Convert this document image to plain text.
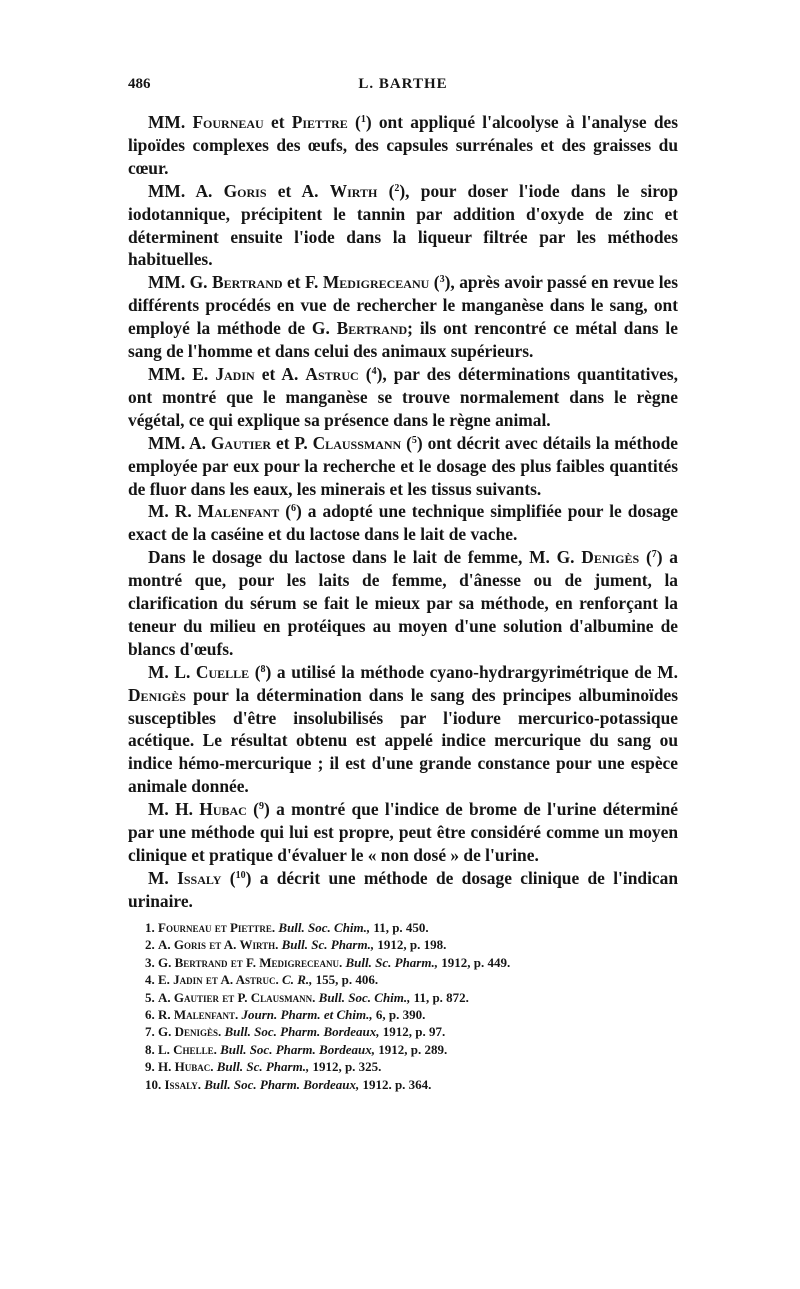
486	L. BARTHE

MM. Fourneau et Piettre ($^1$) ont appliqué l'alcoolyse à l'analyse des lipoïdes complexes des œufs, des capsules surrénales et des graisses du cœur.

MM. A. Goris et A. Wirth ($^2$), pour doser l'iode dans le sirop iodotannique, précipitent le tannin par addition d'oxyde de zinc et déterminent ensuite l'iode dans la liqueur filtrée par les méthodes habituelles.

MM. G. Bertrand et F. Medigreceanu ($^3$), après avoir passé en revue les différents procédés en vue de rechercher le manganèse dans le sang, ont employé la méthode de G. Bertrand; ils ont rencontré ce métal dans le sang de l'homme et dans celui des animaux supérieurs.

MM. E. Jadin et A. Astruc ($^4$), par des déterminations quantitatives, ont montré que le manganèse se trouve normalement dans le règne végétal, ce qui explique sa présence dans le règne animal.

MM. A. Gautier et P. Claussmann ($^5$) ont décrit avec détails la méthode employée par eux pour la recherche et le dosage des plus faibles quantités de fluor dans les eaux, les minerais et les tissus suivants.

M. R. Malenfant ($^6$) a adopté une technique simplifiée pour le dosage exact de la caséine et du lactose dans le lait de vache.

Dans le dosage du lactose dans le lait de femme, M. G. Denigès ($^7$) a montré que, pour les laits de femme, d'ânesse ou de jument, la clarification du sérum se fait le mieux par sa méthode, en renforçant la teneur du milieu en protéiques au moyen d'une solution d'albumine de blancs d'œufs.

M. L. Cuelle ($^8$) a utilisé la méthode cyano-hydrargyrimétrique de M. Denigès pour la détermination dans le sang des principes albuminoïdes susceptibles d'être insolubilisés par l'iodure mercurico-potassique acétique. Le résultat obtenu est appelé indice mercurique du sang ou indice hémo-mercurique ; il est d'une grande constance pour une espèce animale donnée.

M. H. Hubac ($^9$) a montré que l'indice de brome de l'urine déterminé par une méthode qui lui est propre, peut être considéré comme un moyen clinique et pratique d'évaluer le « non dosé » de l'urine.

M. Issaly ($^{10}$) a décrit une méthode de dosage clinique de l'indican urinaire.

1. Fourneau et Piettre. Bull. Soc. Chim., 11, p. 450.
2. A. Goris et A. Wirth. Bull. Sc. Pharm., 1912, p. 198.
3. G. Bertrand et F. Medigreceanu. Bull. Sc. Pharm., 1912, p. 449.
4. E. Jadin et A. Astruc. C. R., 155, p. 406.
5. A. Gautier et P. Clausmann. Bull. Soc. Chim., 11, p. 872.
6. R. Malenfant. Journ. Pharm. et Chim., 6, p. 390.
7. G. Denigès. Bull. Soc. Pharm. Bordeaux, 1912, p. 97.
8. L. Chelle. Bull. Soc. Pharm. Bordeaux, 1912, p. 289.
9. H. Hubac. Bull. Sc. Pharm., 1912, p. 325.
10. Issaly. Bull. Soc. Pharm. Bordeaux, 1912. p. 364.
